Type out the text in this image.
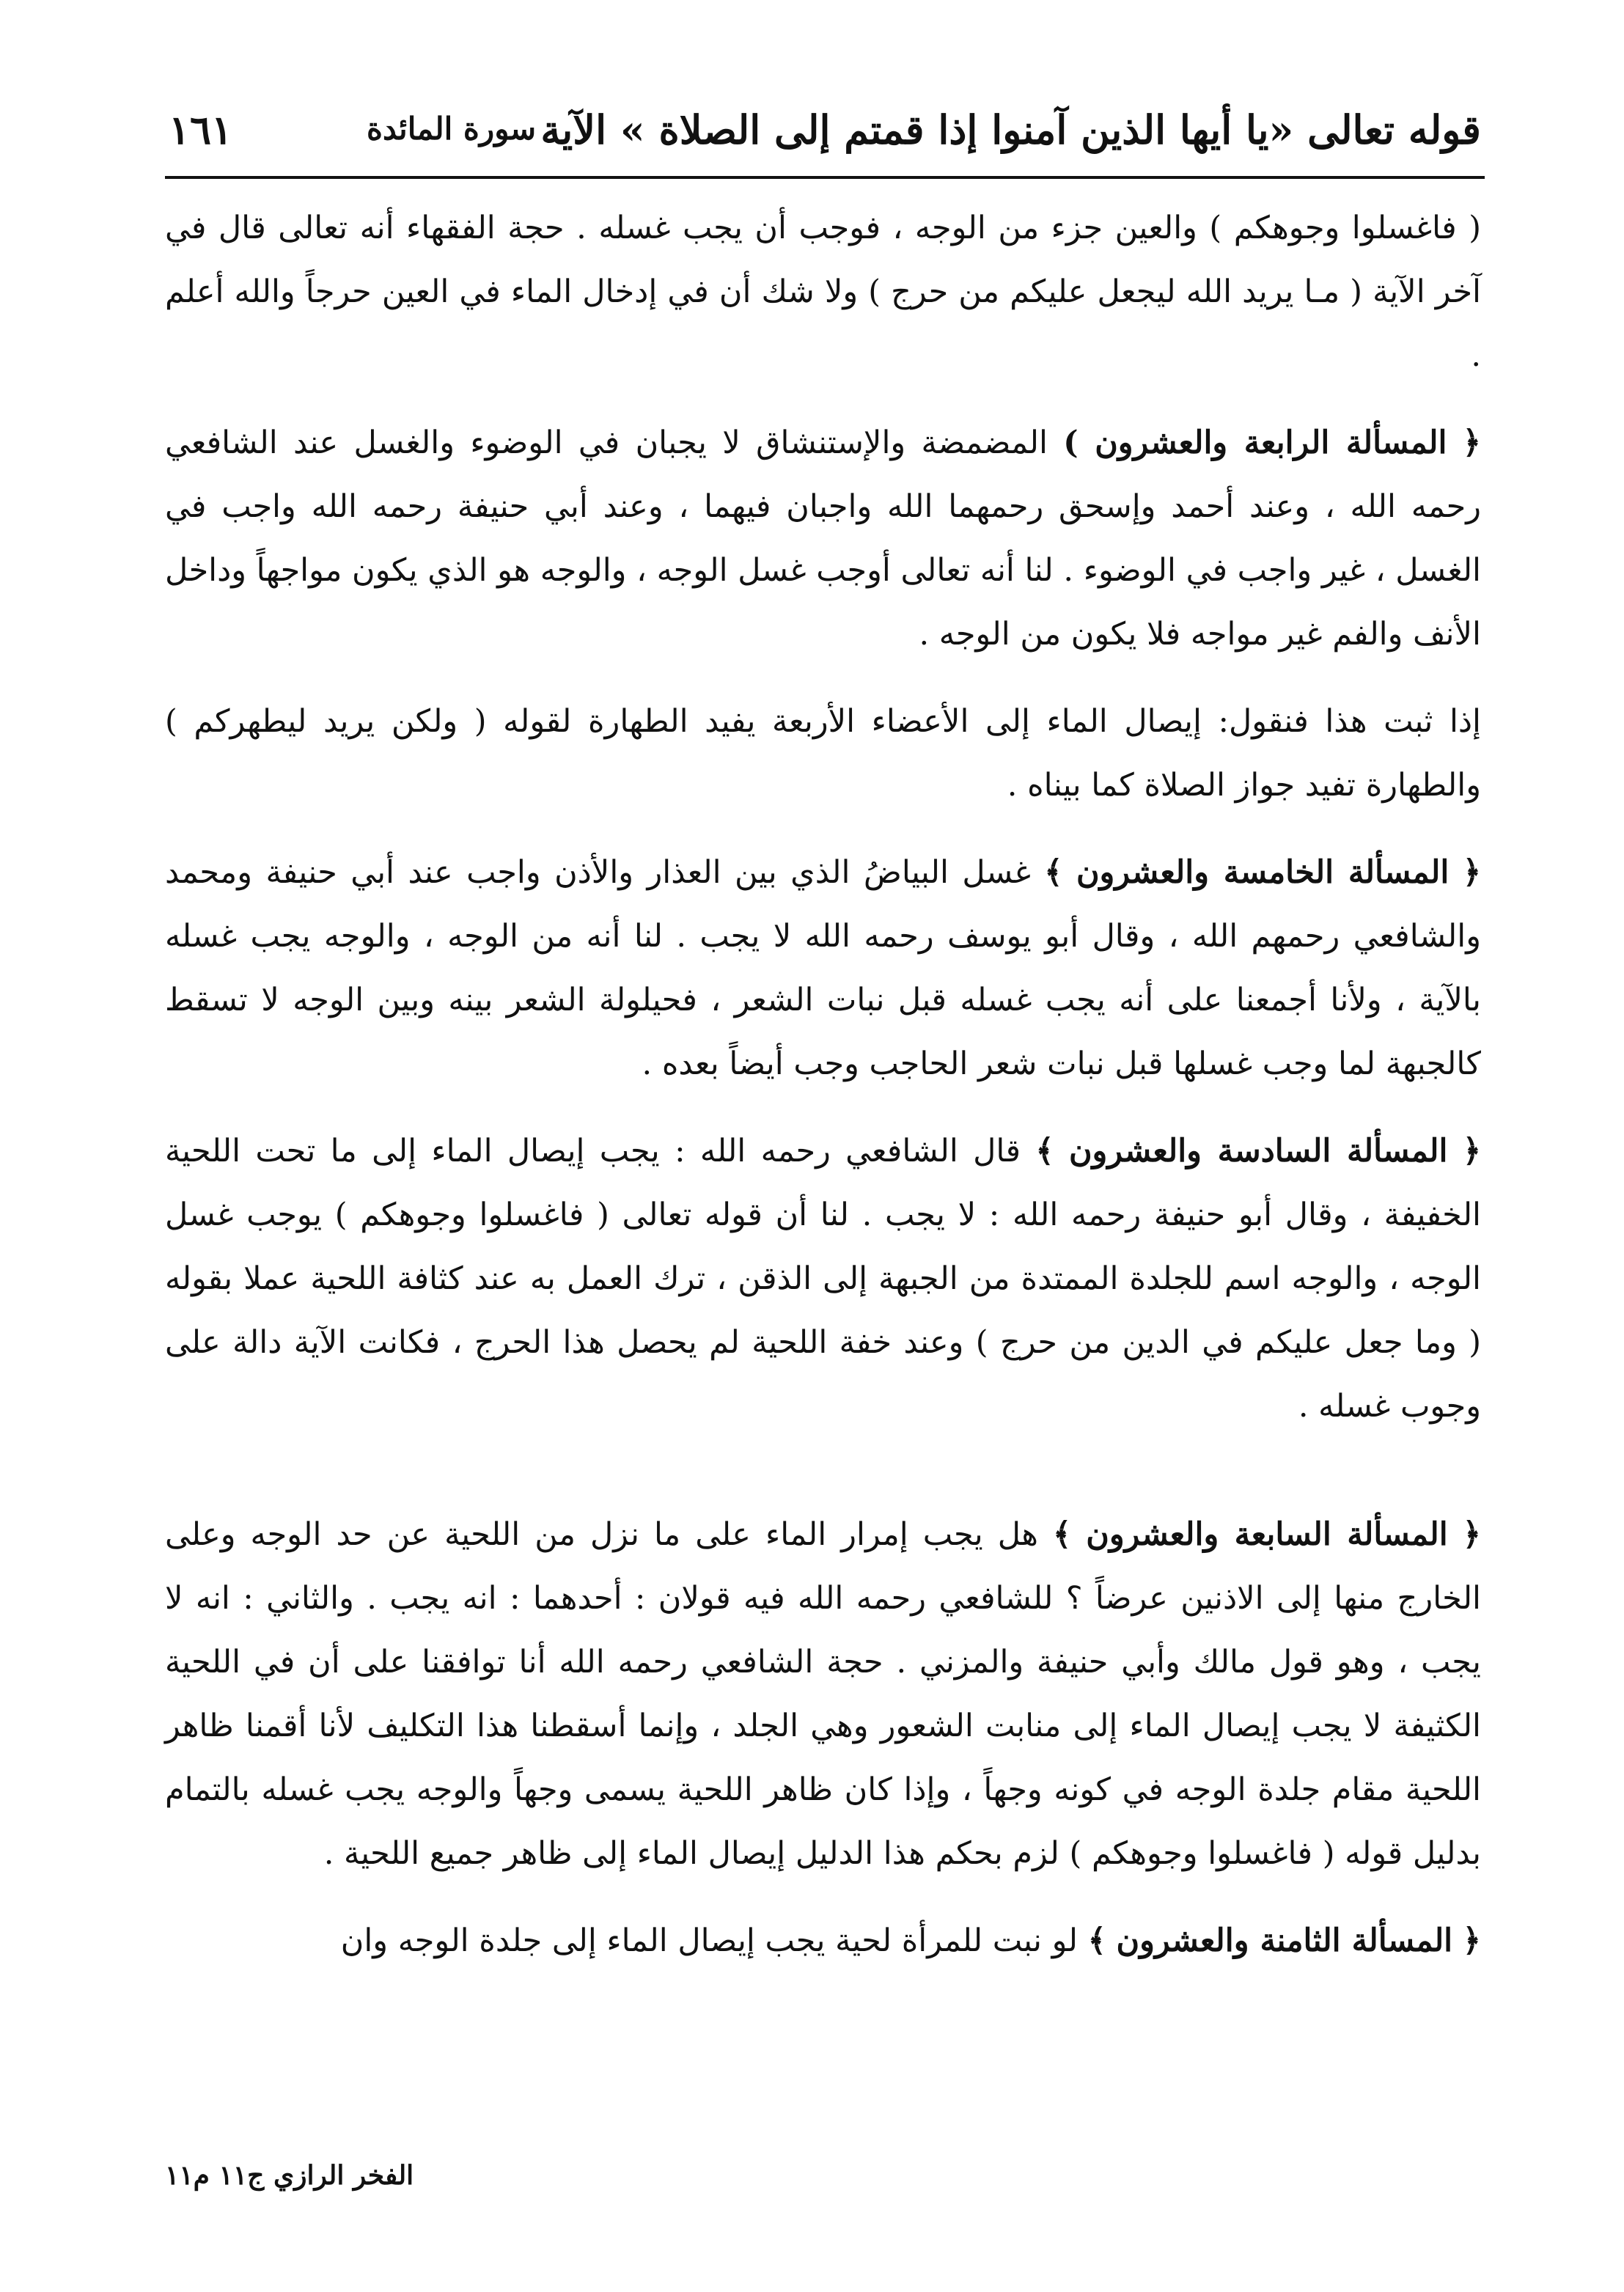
قوله تعالى «يا أيها الذين آمنوا إذا قمتم إلى الصلاة » الآية
سورة المائدة
١٦١

( فاغسلوا وجوهكم ) والعين جزء من الوجه ، فوجب أن يجب غسله . حجة الفقهاء أنه تعالى قال في آخر الآية ( مـا يريد الله ليجعل عليكم من حرج ) ولا شك أن في إدخال الماء في العين حرجاً والله أعلم .

﴿ المسألة الرابعة والعشرون ) المضمضة والإستنشاق لا يجبان في الوضوء والغسل عند الشافعي رحمه الله ، وعند أحمد وإسحق رحمهما الله واجبان فيهما ، وعند أبي حنيفة رحمه الله واجب في الغسل ، غير واجب في الوضوء . لنا أنه تعالى أوجب غسل الوجه ، والوجه هو الذي يكون مواجهاً وداخل الأنف والفم غير مواجه فلا يكون من الوجه .

إذا ثبت هذا فنقول: إيصال الماء إلى الأعضاء الأربعة يفيد الطهارة لقوله ( ولكن يريد ليطهركم ) والطهارة تفيد جواز الصلاة كما بيناه .

﴿ المسألة الخامسة والعشرون ﴾ غسل البياضُ الذي بين العذار والأذن واجب عند أبي حنيفة ومحمد والشافعي رحمهم الله ، وقال أبو يوسف رحمه الله لا يجب . لنا أنه من الوجه ، والوجه يجب غسله بالآية ، ولأنا أجمعنا على أنه يجب غسله قبل نبات الشعر ، فحيلولة الشعر بينه وبين الوجه لا تسقط كالجبهة لما وجب غسلها قبل نبات شعر الحاجب وجب أيضاً بعده .

﴿ المسألة السادسة والعشرون ﴾ قال الشافعي رحمه الله : يجب إيصال الماء إلى ما تحت اللحية الخفيفة ، وقال أبو حنيفة رحمه الله : لا يجب . لنا أن قوله تعالى ( فاغسلوا وجوهكم ) يوجب غسل الوجه ، والوجه اسم للجلدة الممتدة من الجبهة إلى الذقن ، ترك العمل به عند كثافة اللحية عملا بقوله ( وما جعل عليكم في الدين من حرج ) وعند خفة اللحية لم يحصل هذا الحرج ، فكانت الآية دالة على وجوب غسله .

﴿ المسألة السابعة والعشرون ﴾ هل يجب إمرار الماء على ما نزل من اللحية عن حد الوجه وعلى الخارج منها إلى الاذنين عرضاً ؟ للشافعي رحمه الله فيه قولان : أحدهما : انه يجب . والثاني : انه لا يجب ، وهو قول مالك وأبي حنيفة والمزني . حجة الشافعي رحمه الله أنا توافقنا على أن في اللحية الكثيفة لا يجب إيصال الماء إلى منابت الشعور وهي الجلد ، وإنما أسقطنا هذا التكليف لأنا أقمنا ظاهر اللحية مقام جلدة الوجه في كونه وجهاً ، وإذا كان ظاهر اللحية يسمى وجهاً والوجه يجب غسله بالتمام بدليل قوله ( فاغسلوا وجوهكم ) لزم بحكم هذا الدليل إيصال الماء إلى ظاهر جميع اللحية .

﴿ المسألة الثامنة والعشرون ﴾ لو نبت للمرأة لحية يجب إيصال الماء إلى جلدة الوجه وان

الفخر الرازي ج١١ م١١
